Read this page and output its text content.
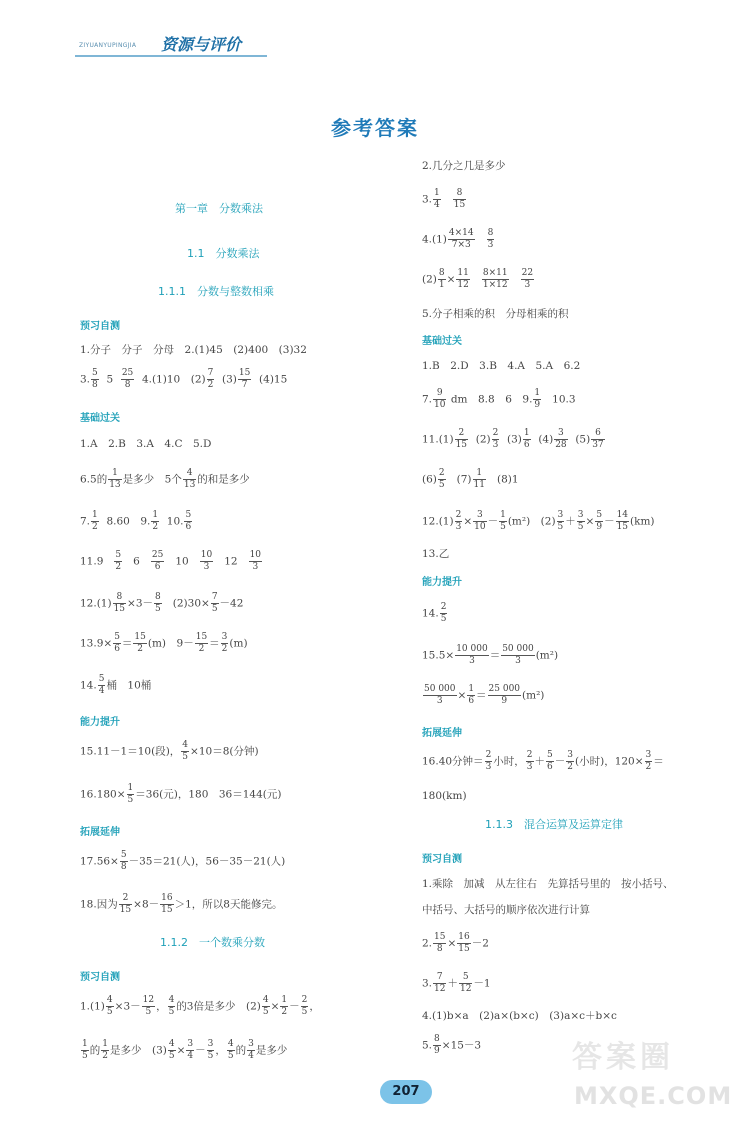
ZIYUANYUPINGJIA 资源与评价
参考答案
第一章　分数乘法
1.1　分数乘法
1.1.1　分数与整数相乘
预习自测
1.分子　分子　分母　2.(1)45　(2)400　(3)32
3. $\frac{5}{8} 5 \frac{25}{8} 4.(1)10$　$(2) \frac{7}{2} (3) \frac{15}{7} (4)15$
基础过关
1.A　2.B　3.A　4.C　5.D
6.5的 $\frac{1}{13}$ 是多少　5个 $\frac{4}{13}$ 的和是多少
7. $\frac{1}{2} 8.60$　9. $\frac{1}{2} 10$. $\frac{5}{6}$
$11.9 \frac{5}{2} 6 \frac{25}{6} 10 \frac{10}{3} 12 \frac{10}{3}$
$12.(1) \frac{8}{15} \times 3- \frac{8}{5} (2)30\times \frac{7}{5} -42$
$13.9\times \frac{5}{6} = \frac{15}{2} (m)$　$9- \frac{15}{2} = \frac{3}{2} (m)$
14. $\frac{5}{4}$ 桶　10桶
能力提升
15.11－1＝10(段)， $\frac{4}{5} \times 10=8$(分钟)
$16.180\times \frac{1}{5} =36$(元)，180　36＝144(元)
拓展延伸
$17.56\times \frac{5}{8} -35=21$(人)，56－35－21(人)
18.因为 $\frac{2}{15} \times 8- \frac{16}{15} >1$，所以8天能修完。
1.1.2　一个数乘分数
预习自测
$1.(1) \frac{4}{5} \times 3- \frac{12}{5}$ ， $\frac{4}{5}$ 的3倍是多少　$(2) \frac{4}{5} \times \frac{1}{2} - \frac{2}{5}$ ，
$\frac{1}{5}$ 的 $\frac{1}{2}$ 是多少　$(3) \frac{4}{5} \times \frac{3}{4} - \frac{3}{5}$ ， $\frac{4}{5}$ 的 $\frac{3}{4}$ 是多少
2.几分之几是多少
3. $\frac{1}{4}$
$\frac{8}{15}$
$4.(1) \frac{4\times 14}{7\times 3}$
$\frac{8}{3}$
$(2) \frac{8}{1} \times \frac{11}{12}$
$\frac{8\times 11}{1\times 12}$
$\frac{22}{3}$
5.分子相乘的积　分母相乘的积
基础过关
1.B　2.D　3.B　4.A　5.A　6.2
7. $\frac{9}{10}$ dm　8.8　6　9. $\frac{1}{9} 10.3$
$11.(1) \frac{2}{15} (2) \frac{2}{3} (3) \frac{1}{6} (4) \frac{3}{28} (5) \frac{6}{37}$
$(6) \frac{2}{5} (7) \frac{1}{11} (8)1$
$12.(1) \frac{2}{3} \times \frac{3}{10} - \frac{1}{5} (m^2)$　$(2) \frac{3}{5} + \frac{3}{5} \times \frac{5}{9} - \frac{14}{15} (km)$
13.乙
能力提升
14. $\frac{2}{5}$
$15.5\times \frac{10 000}{3} = \frac{50 000}{3} (m^2)$
$\frac{50 000}{3} \times \frac{1}{6} = \frac{25 000}{9} (m^2)$
拓展延伸
16.40分钟＝ $\frac{2}{3}$ 小时， $\frac{2}{3} + \frac{5}{6} - \frac{3}{2}$ (小时)，$120\times \frac{3}{2}$ ＝
180(km)
1.1.3　混合运算及运算定律
预习自测
1.乘除　加减　从左往右　先算括号里的　按小括号、
中括号、大括号的顺序依次进行计算
2. $\frac{15}{8} \times \frac{16}{15} -2$
3. $\frac{7}{12} + \frac{5}{12} -1$
4.(1)b×a　(2)a×(b×c)　(3)a×c＋b×c
5. $\frac{8}{9} \times 15-3$	答案圈
MXQE.COM
207
